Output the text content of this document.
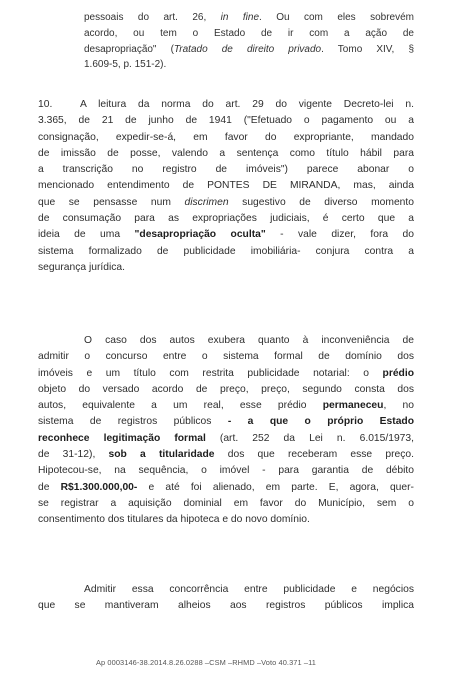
pessoais do art. 26, in fine. Ou com eles sobrevém
acordo, ou tem o Estado de ir com a ação de
desapropriação" (Tratado de direito privado. Tomo XIV, §
1.609-5, p. 151-2).
10.	A leitura da norma do art. 29 do vigente Decreto-lei n.
3.365, de 21 de junho de 1941 ("Efetuado o pagamento ou a
consignação, expedir-se-á, em favor do expropriante, mandado
de imissão de posse, valendo a sentença como título hábil para
a transcrição no registro de imóveis") parece abonar o
mencionado entendimento de PONTES DE MIRANDA, mas, ainda
que se pensasse num discrimen sugestivo de diverso momento
de consumação para as expropriações judiciais, é certo que a
ideia de uma "desapropriação oculta" - vale dizer, fora do
sistema formalizado de publicidade imobiliária- conjura contra a
segurança jurídica.
O caso dos autos exubera quanto à inconveniência de
admitir o concurso entre o sistema formal de domínio dos
imóveis e um título com restrita publicidade notarial: o prédio
objeto do versado acordo de preço, preço, segundo consta dos
autos, equivalente a um real, esse prédio permaneceu, no
sistema de registros públicos - a que o próprio Estado
reconhece legitimação formal (art. 252 da Lei n. 6.015/1973,
de 31-12), sob a titularidade dos que receberam esse preço.
Hipotecou-se, na sequência, o imóvel - para garantia de débito
de R$1.300.000,00- e até foi alienado, em parte. E, agora, quer-
se registrar a aquisição dominial em favor do Município, sem o
consentimento dos titulares da hipoteca e do novo domínio.
Admitir essa concorrência entre publicidade e negócios
que se mantiveram alheios aos registros públicos implica
Ap 0003146-38.2014.8.26.0288 –CSM –RHMD –Voto 40.371 –11
